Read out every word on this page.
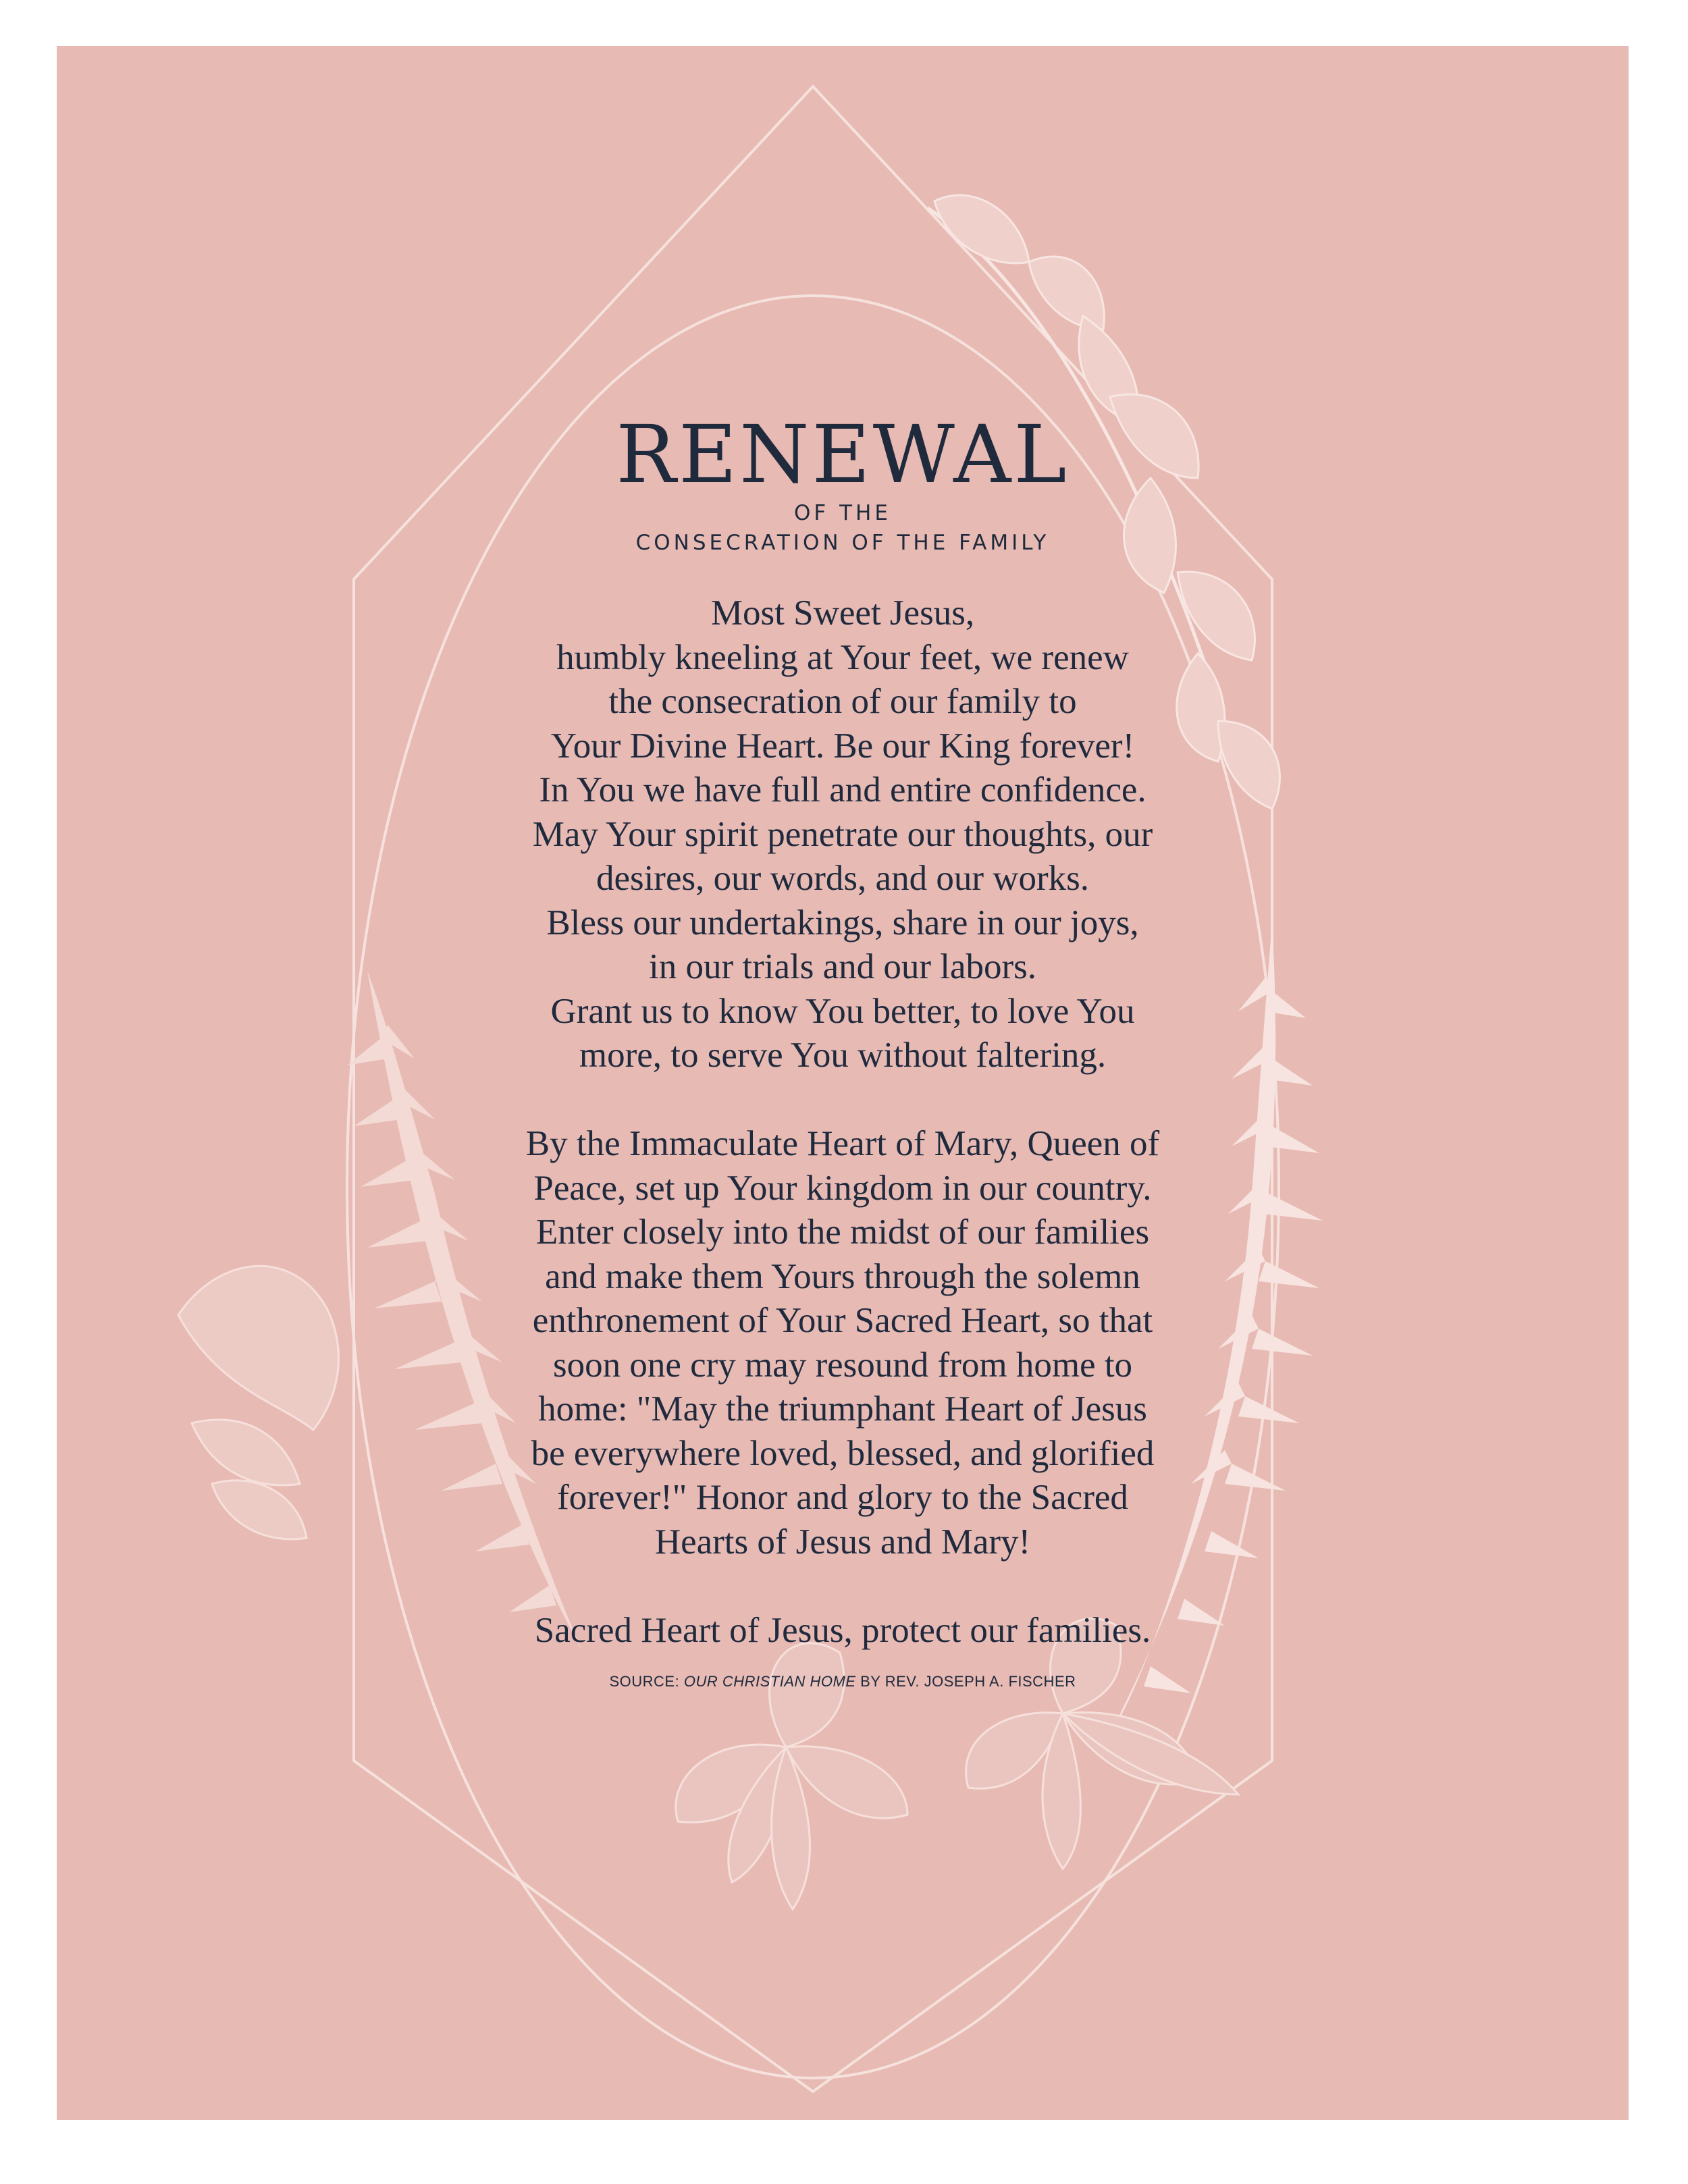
RENEWAL
OF THE
CONSECRATION OF THE FAMILY
Most Sweet Jesus,
humbly kneeling at Your feet, we renew
the consecration of our family to
Your Divine Heart. Be our King forever!
In You we have full and entire confidence.
May Your spirit penetrate our thoughts, our
desires, our words, and our works.
Bless our undertakings, share in our joys,
in our trials and our labors.
Grant us to know You better, to love You
more, to serve You without faltering.
By the Immaculate Heart of Mary, Queen of
Peace, set up Your kingdom in our country.
Enter closely into the midst of our families
and make them Yours through the solemn
enthronement of Your Sacred Heart, so that
soon one cry may resound from home to
home: "May the triumphant Heart of Jesus
be everywhere loved, blessed, and glorified
forever!" Honor and glory to the Sacred
Hearts of Jesus and Mary!
Sacred Heart of Jesus, protect our families.
SOURCE: OUR CHRISTIAN HOME BY REV. JOSEPH A. FISCHER
